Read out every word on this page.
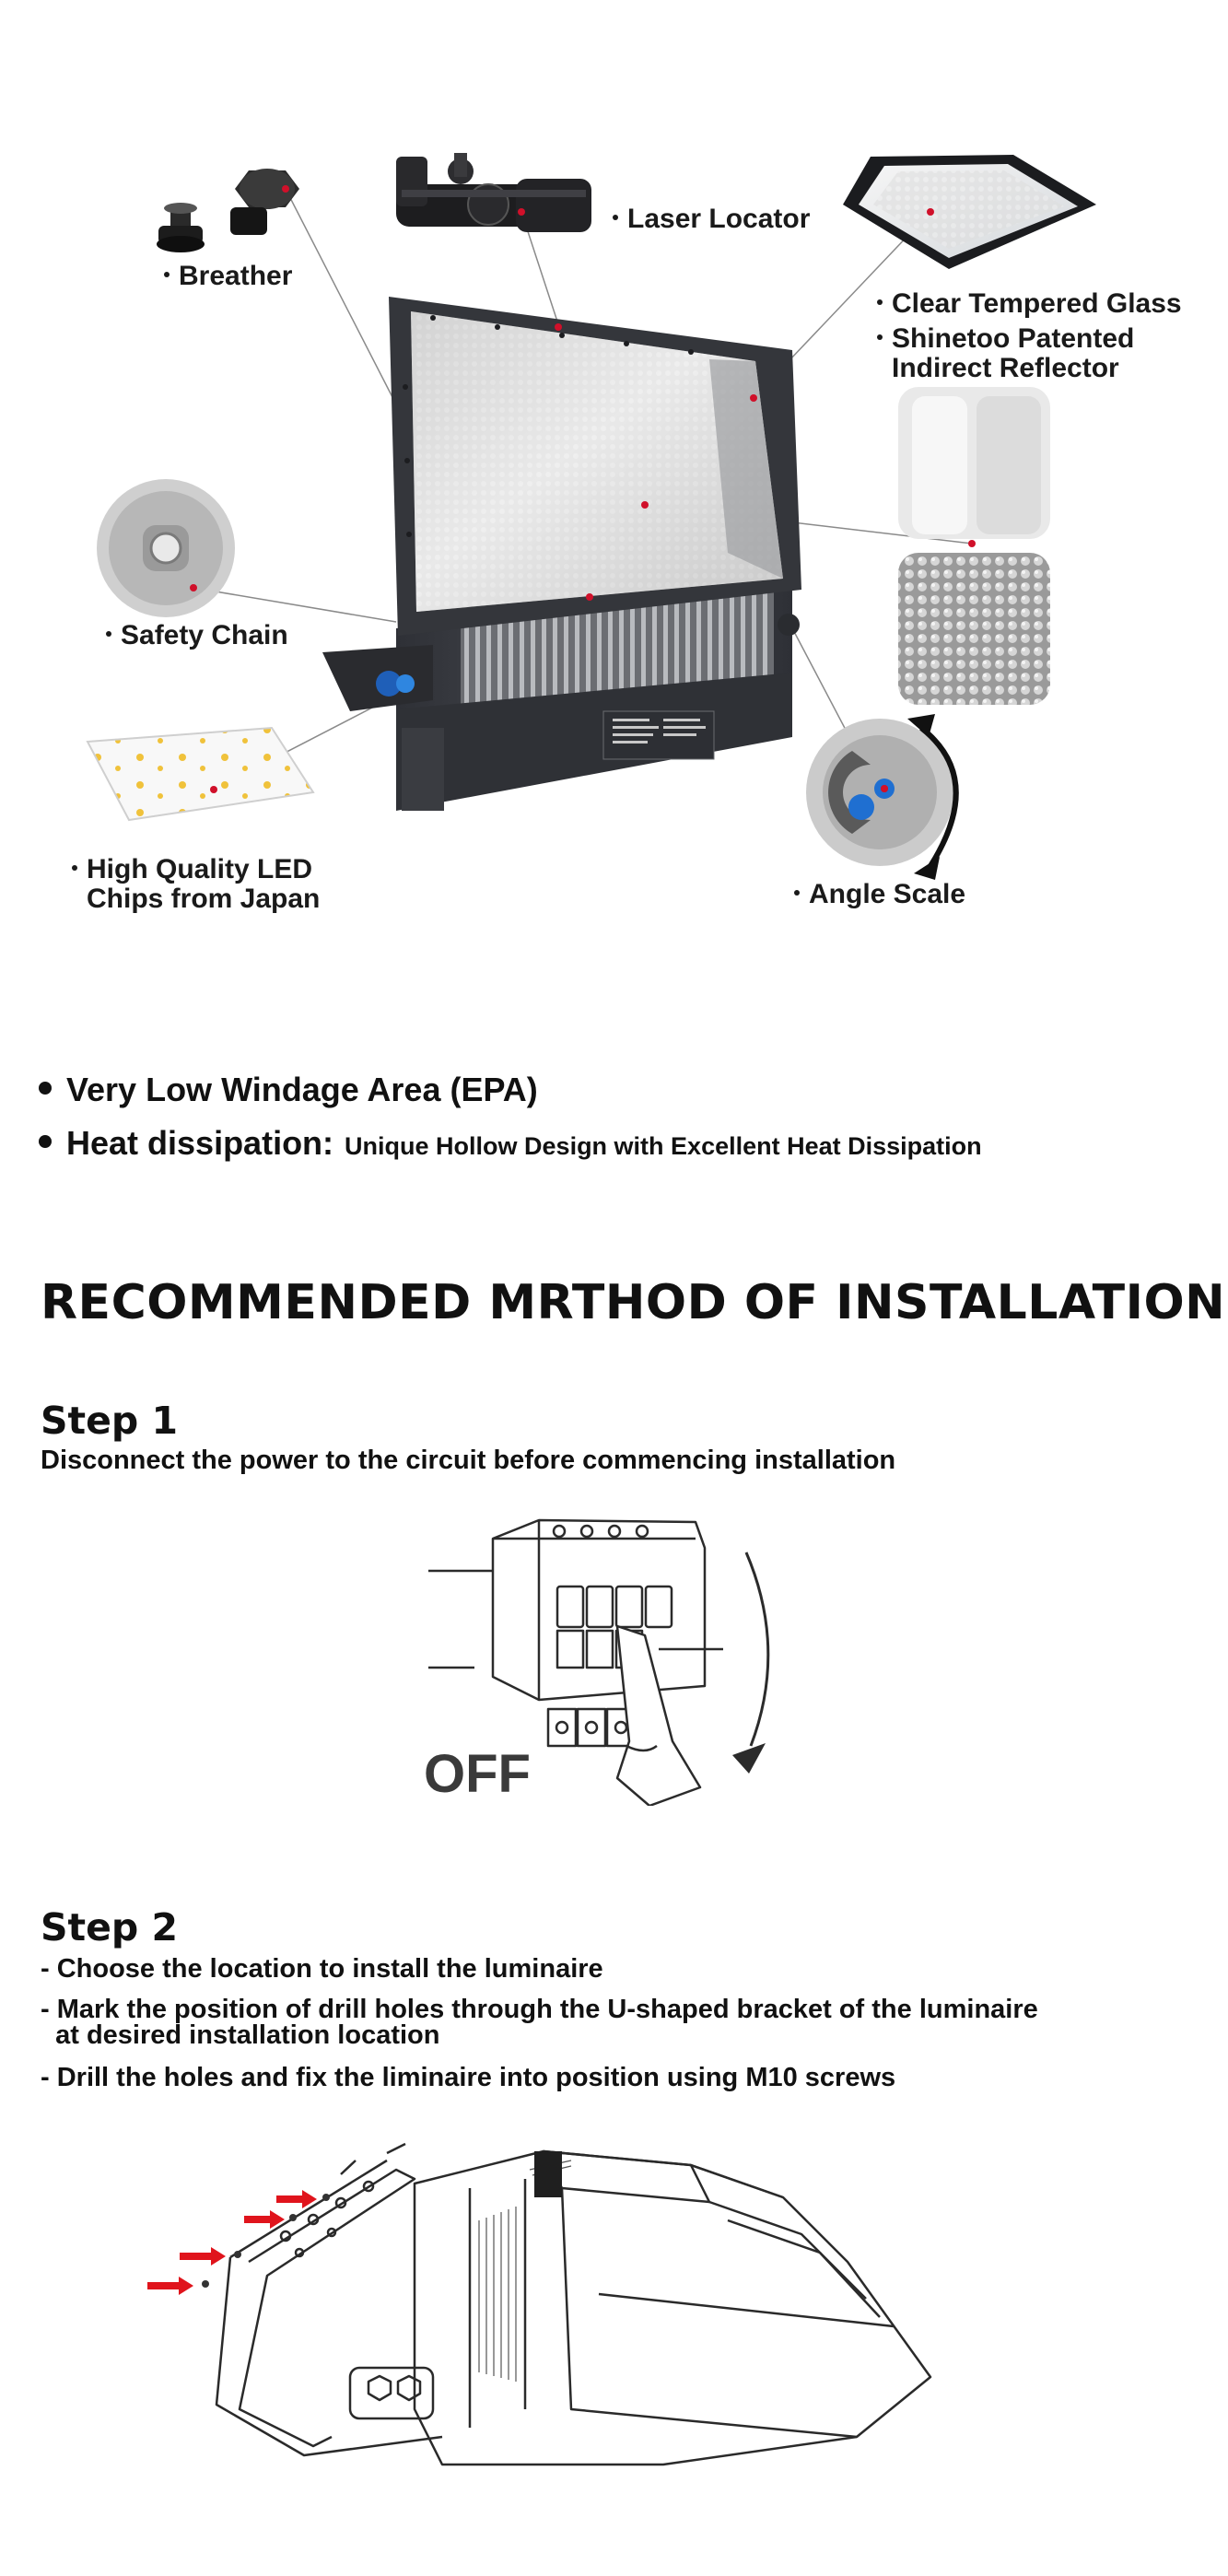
Breather
Laser Locator
Clear Tempered Glass
Shinetoo Patented
Indirect Reflector
Safety Chain
High Quality LED
Chips from Japan	Angle Scale
Very Low Windage Area (EPA)
Heat dissipation: Unique Hollow Design with Excellent Heat Dissipation
RECOMMENDED MRTHOD OF INSTALLATION
Step 1
Disconnect the power to the circuit before commencing installation
OFF
Step 2
- Choose the location to install the luminaire
- Mark the position of drill holes through the U-shaped bracket of the luminaire
at desired installation location
- Drill the holes and fix the liminaire into position using M10 screws
